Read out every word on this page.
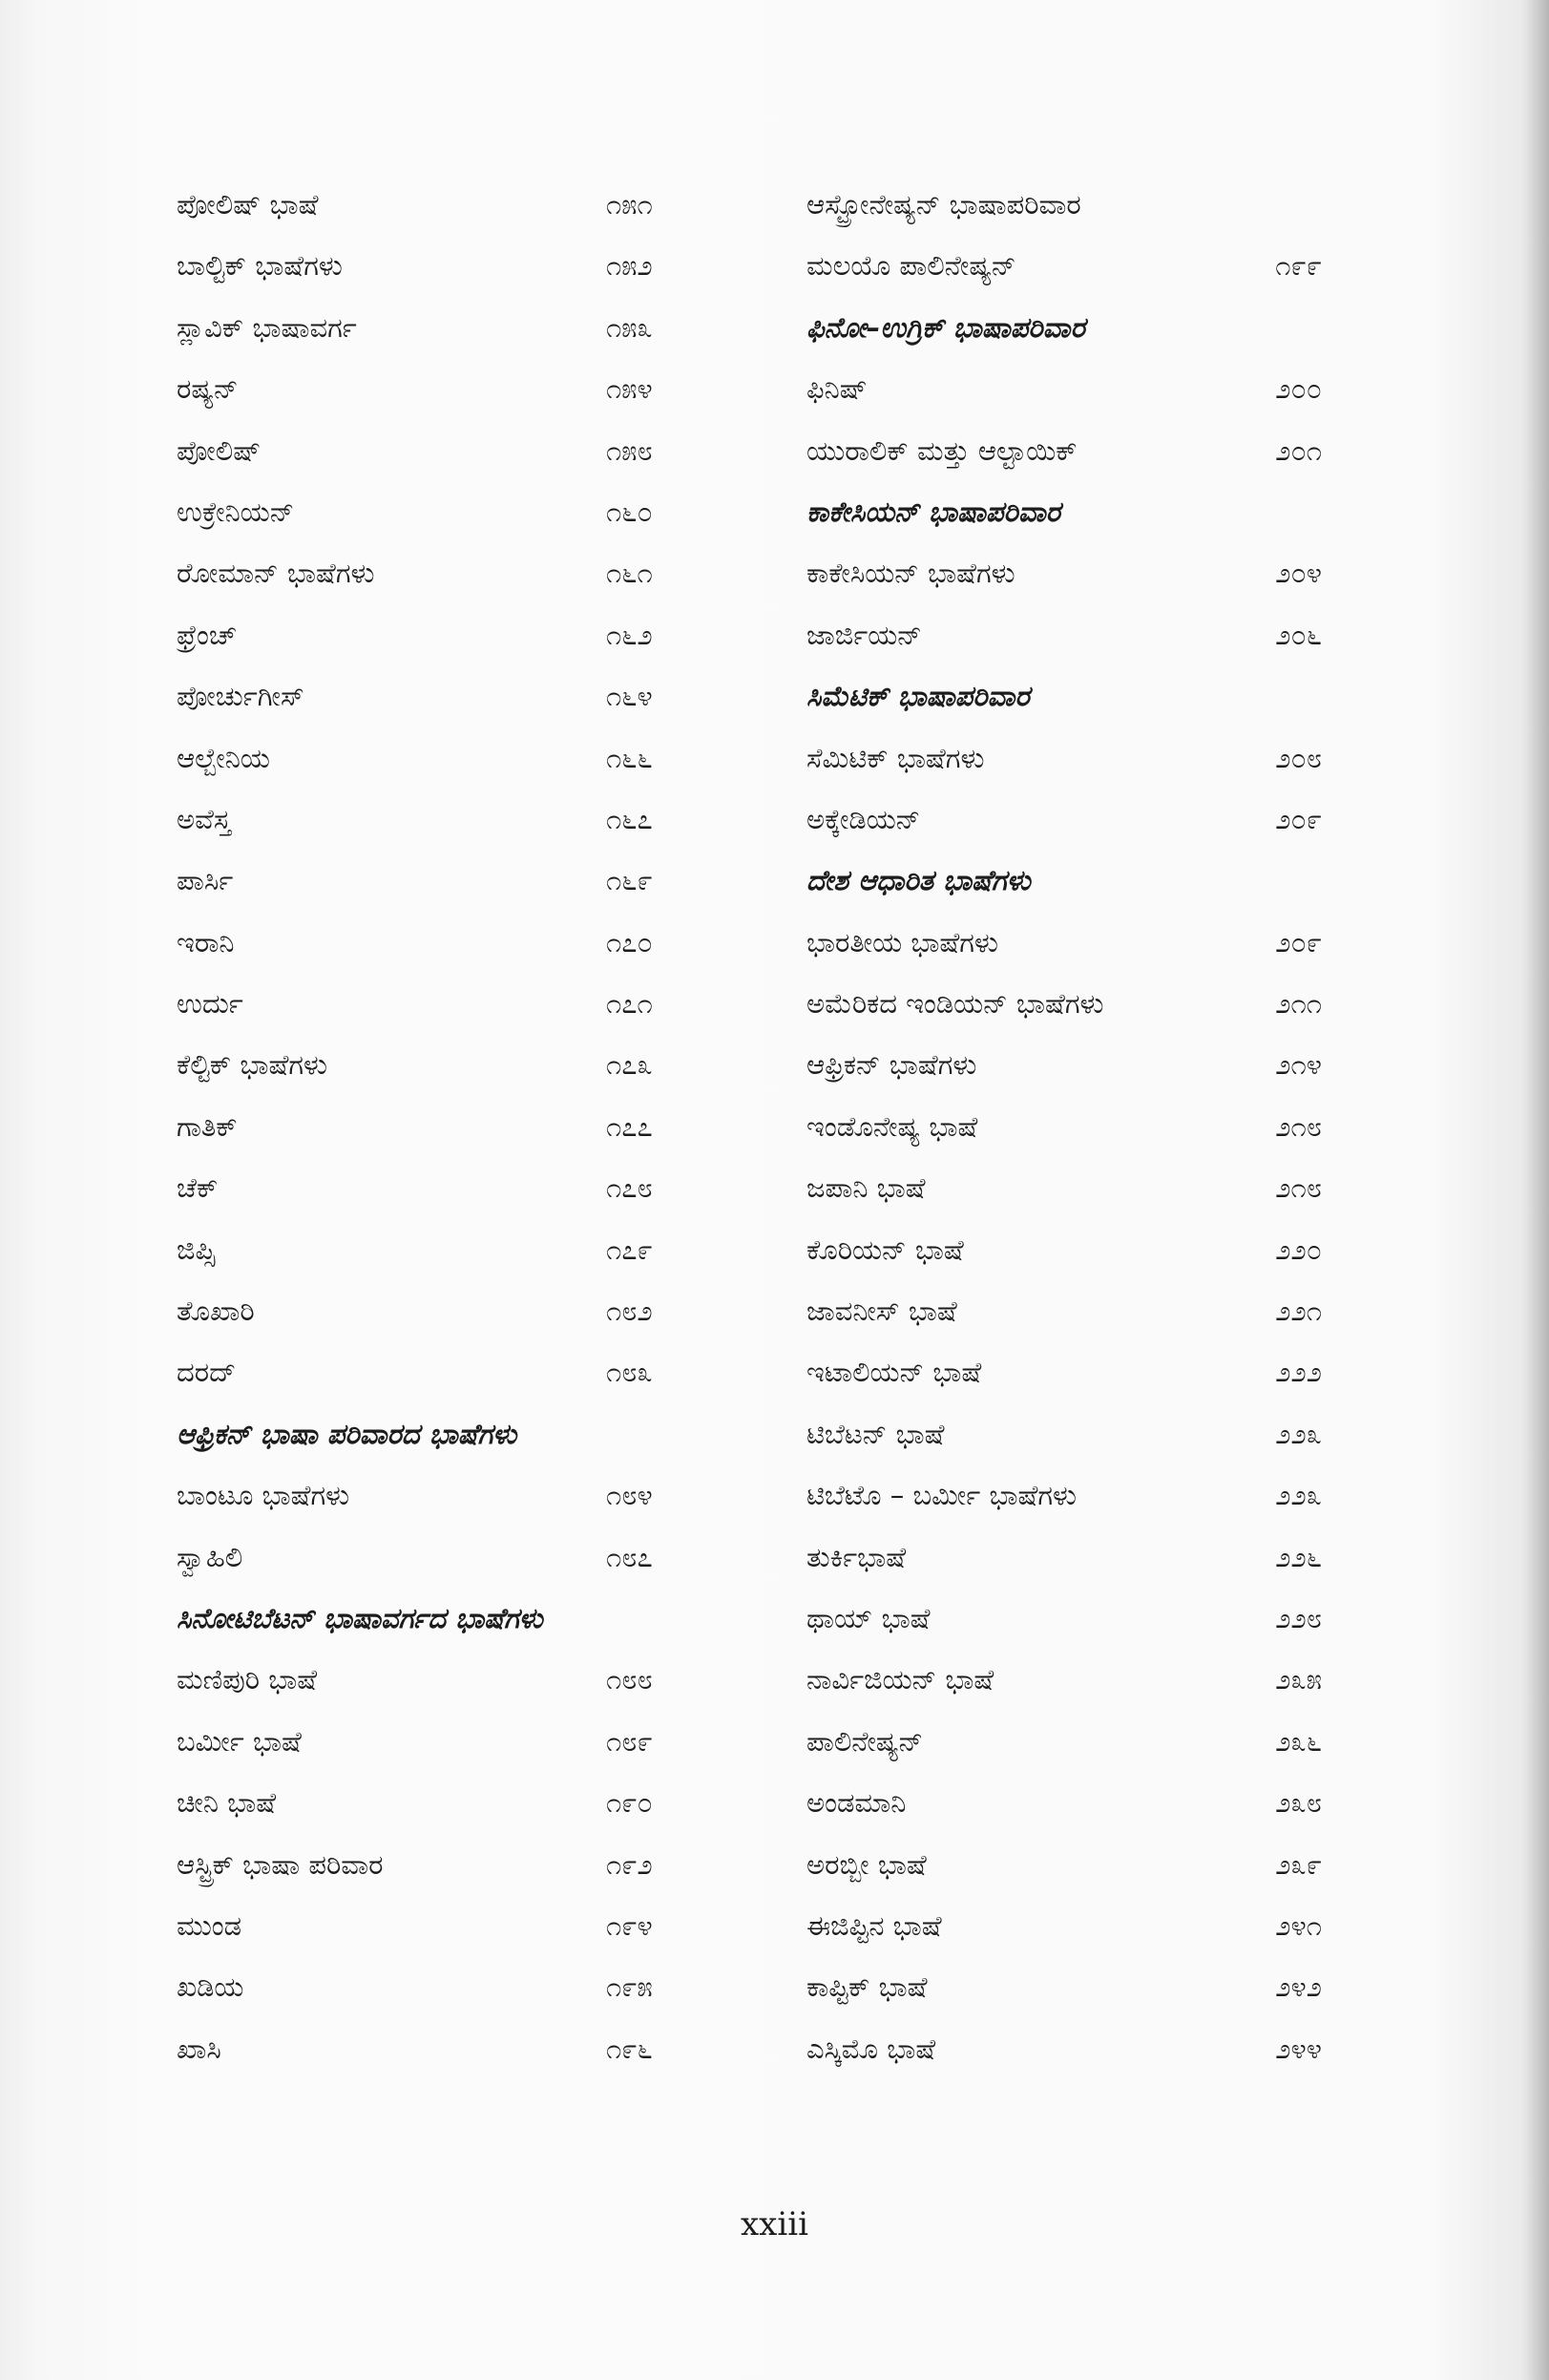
ಪೋಲಿಷ್ ಭಾಷೆ	೧೫೧
ಬಾಲ್ಟಿಕ್ ಭಾಷೆಗಳು	೧೫೨
ಸ್ಲಾವಿಕ್ ಭಾಷಾವರ್ಗ	೧೫೩
ರಷ್ಯನ್	೧೫೪
ಪೋಲಿಷ್	೧೫೮
ಉಕ್ರೇನಿಯನ್	೧೬೦
ರೋಮಾನ್ ಭಾಷೆಗಳು	೧೬೧
ಫ್ರೆಂಚ್	೧೬೨
ಪೋರ್ಚುಗೀಸ್	೧೬೪
ಆಲ್ಬೇನಿಯ	೧೬೬
ಅವೆಸ್ತ	೧೬೭
ಪಾರ್ಸಿ	೧೬೯
ಇರಾನಿ	೧೭೦
ಉರ್ದು	೧೭೧
ಕೆಲ್ಟಿಕ್ ಭಾಷೆಗಳು	೧೭೩
ಗಾತಿಕ್	೧೭೭
ಚೆಕ್	೧೭೮
ಜಿಪ್ಸಿ	೧೭೯
ತೊಖಾರಿ	೧೮೨
ದರದ್	೧೮೩
ಆಫ್ರಿಕನ್ ಭಾಷಾ ಪರಿವಾರದ ಭಾಷೆಗಳು
ಬಾಂಟೂ ಭಾಷೆಗಳು	೧೮೪
ಸ್ವಾಹಿಲಿ	೧೮೭
ಸಿನೋಟಿಬೆಟನ್ ಭಾಷಾವರ್ಗದ ಭಾಷೆಗಳು
ಮಣಿಪುರಿ ಭಾಷೆ	೧೮೮
ಬರ್ಮೀ ಭಾಷೆ	೧೮೯
ಚೀನಿ ಭಾಷೆ	೧೯೦
ಆಸ್ಟ್ರಿಕ್ ಭಾಷಾ ಪರಿವಾರ	೧೯೨
ಮುಂಡ	೧೯೪
ಖಡಿಯ	೧೯೫
ಖಾಸಿ	೧೯೬
ಆಸ್ಟ್ರೋನೇಷ್ಯನ್ ಭಾಷಾಪರಿವಾರ
ಮಲಯೊ ಪಾಲಿನೇಷ್ಯನ್	೧೯೯
ಫಿನೋ–ಉಗ್ರಿಕ್ ಭಾಷಾಪರಿವಾರ
ಫಿನಿಷ್	೨೦೦
ಯುರಾಲಿಕ್ ಮತ್ತು ಆಲ್ಟಾಯಿಕ್	೨೦೧
ಕಾಕೇಸಿಯನ್ ಭಾಷಾಪರಿವಾರ
ಕಾಕೇಸಿಯನ್ ಭಾಷೆಗಳು	೨೦೪
ಜಾರ್ಜಿಯನ್	೨೦೬
ಸಿಮೆಟಿಕ್ ಭಾಷಾಪರಿವಾರ
ಸೆಮಿಟಿಕ್ ಭಾಷೆಗಳು	೨೦೮
ಅಕ್ಕೇಡಿಯನ್	೨೦೯
ದೇಶ ಆಧಾರಿತ ಭಾಷೆಗಳು
ಭಾರತೀಯ ಭಾಷೆಗಳು	೨೦೯
ಅಮೆರಿಕದ ಇಂಡಿಯನ್ ಭಾಷೆಗಳು	೨೧೧
ಆಫ್ರಿಕನ್ ಭಾಷೆಗಳು	೨೧೪
ಇಂಡೊನೇಷ್ಯ ಭಾಷೆ	೨೧೮
ಜಪಾನಿ ಭಾಷೆ	೨೧೮
ಕೊರಿಯನ್ ಭಾಷೆ	೨೨೦
ಜಾವನೀಸ್ ಭಾಷೆ	೨೨೧
ಇಟಾಲಿಯನ್ ಭಾಷೆ	೨೨೨
ಟಿಬೆಟನ್ ಭಾಷೆ	೨೨೩
ಟಿಬೆಟೊ – ಬರ್ಮೀ ಭಾಷೆಗಳು	೨೨೩
ತುರ್ಕಿಭಾಷೆ	೨೨೬
ಥಾಯ್ ಭಾಷೆ	೨೨೮
ನಾರ್ವಿಜಿಯನ್ ಭಾಷೆ	೨೩೫
ಪಾಲಿನೇಷ್ಯನ್	೨೩೬
ಅಂಡಮಾನಿ	೨೩೮
ಅರಬ್ಬೀ ಭಾಷೆ	೨೩೯
ಈಜಿಪ್ಟಿನ ಭಾಷೆ	೨೪೧
ಕಾಪ್ಟಿಕ್ ಭಾಷೆ	೨೪೨
ಎಸ್ಕಿಮೊ ಭಾಷೆ	೨೪೪
xxiii
